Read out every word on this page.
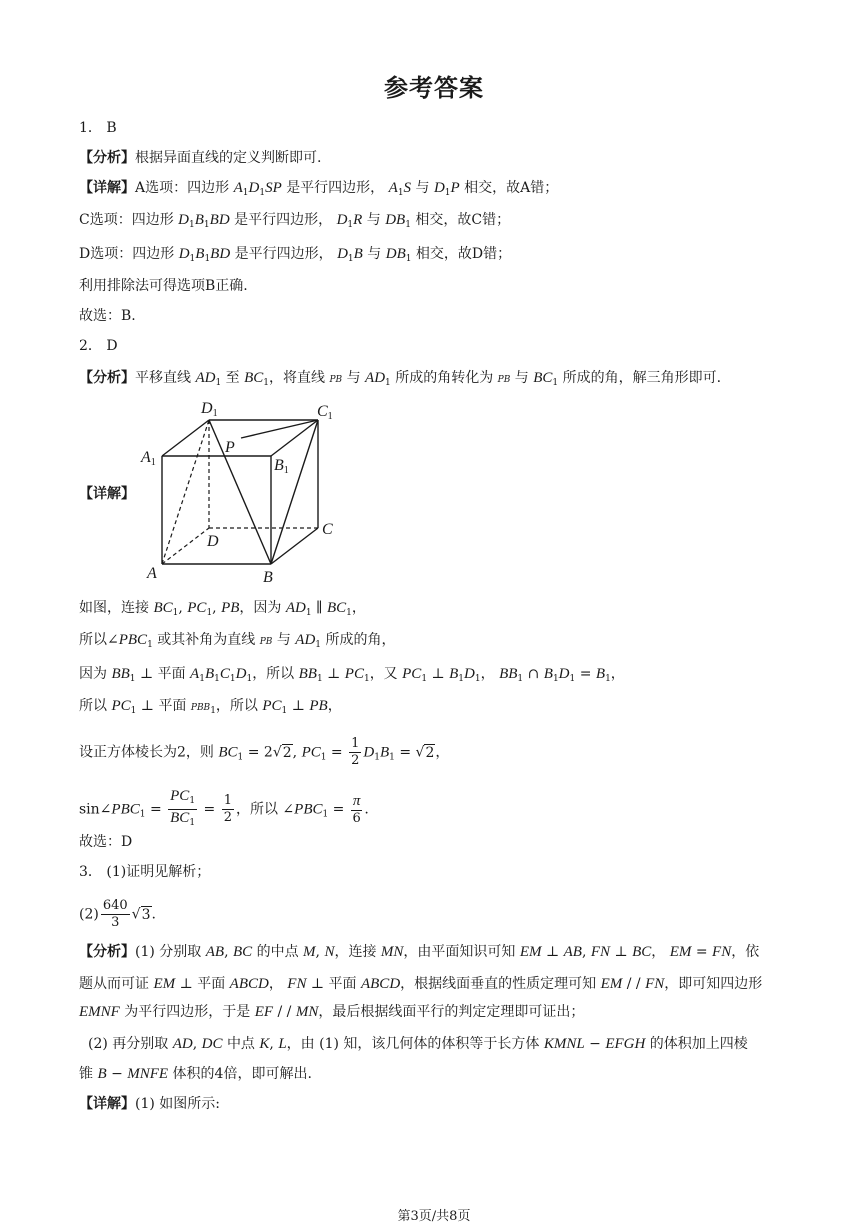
参考答案
1． B
【分析】根据异面直线的定义判断即可.
【详解】A选项：四边形 $A_1D_1SP$ 是平行四边形， $A_1S$ 与 $D_1P$ 相交，故A错；
C选项：四边形 $D_1B_1BD$ 是平行四边形， $D_1R$ 与 $DB_1$ 相交，故C错；
D选项：四边形 $D_1B_1BD$ 是平行四边形， $D_1B$ 与 $DB_1$ 相交，故D错；
利用排除法可得选项B正确.
故选：B.
2． D
【分析】平移直线 $AD_1$ 至 $BC_1$，将直线 PB 与 $AD_1$ 所成的角转化为 PB 与 $BC_1$ 所成的角，解三角形即可.
【详解】
D1	C1
A1	B1
P
A	B
C
D
如图，连接 $BC_1$, $PC_1$, PB，因为 $AD_1$ ∥ $BC_1$，
所以$\angle PBC_1$ 或其补角为直线 PB 与 $AD_1$ 所成的角，
因为 $BB_1$ ⊥ 平面 $A_1B_1C_1D_1$，所以 $BB_1$ ⊥ $PC_1$，又 $PC_1$ ⊥ $B_1D_1$， $BB_1$ ∩ $B_1D_1 = B_1$，
所以 $PC_1$ ⊥ 平面 $PBB_1$，所以 $PC_1$ ⊥ PB，
设正方体棱长为2，则 $BC_1 = 2√2$, $PC_1 = \frac{1}{2} D_1B_1 = √2$，
$\sin\angle PBC_1 = \frac{PC_1}{BC_1} = \frac{1}{2}$ ，所以 $\angle PBC_1 = \frac{\pi}{6}$ .
故选：D
3． (1)证明见解析；
$(2) \frac{640}{3} √3$.
【分析】(1) 分别取 AB, BC 的中点 M, N，连接 MN，由平面知识可知 EM ⊥ AB, FN ⊥ BC， EM = FN，依
题从而可证 EM ⊥ 平面 ABCD， FN ⊥ 平面 ABCD，根据线面垂直的性质定理可知 EM / / FN，即可知四边形
EMNF 为平行四边形，于是 EF / / MN，最后根据线面平行的判定定理即可证出；
(2) 再分别取 AD, DC 中点 K, L，由 (1) 知，该几何体的体积等于长方体 KMNL − EFGH 的体积加上四棱
锥 B − MNFE 体积的4倍，即可解出.
【详解】(1) 如图所示:
第3页/共8页
